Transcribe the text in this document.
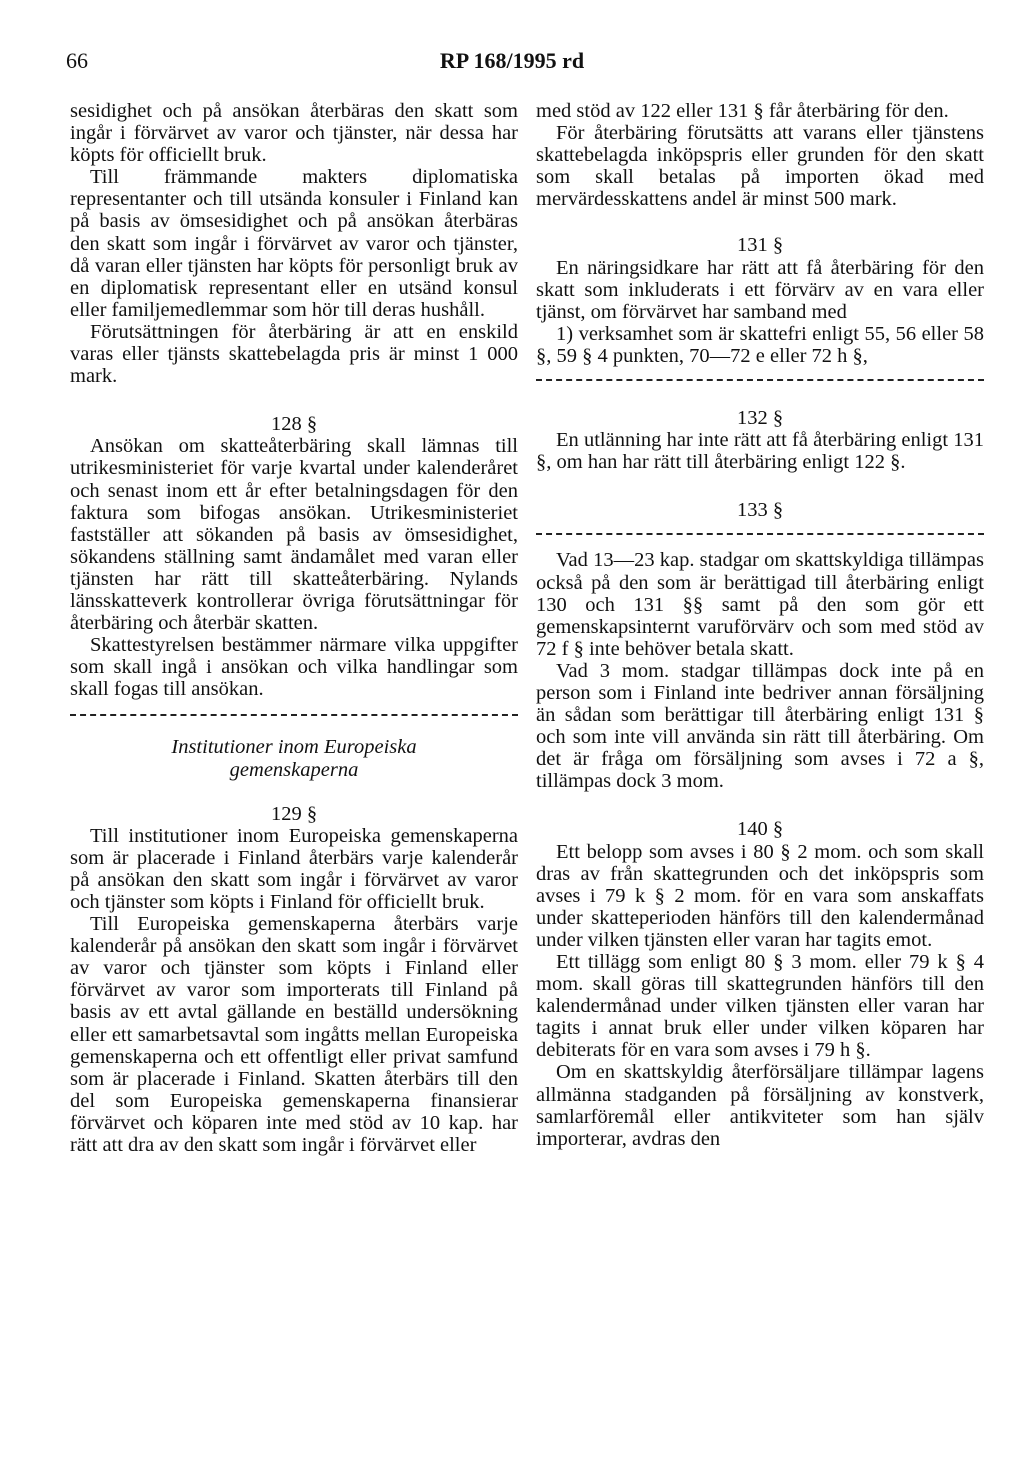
66	RP 168/1995 rd

sesidighet och på ansökan återbäras den skatt som ingår i förvärvet av varor och tjänster, när dessa har köpts för officiellt bruk.

Till främmande makters diplomatiska representanter och till utsända konsuler i Finland kan på basis av ömsesidighet och på ansökan återbäras den skatt som ingår i förvärvet av varor och tjänster, då varan eller tjänsten har köpts för personligt bruk av en diplomatisk representant eller en utsänd konsul eller familjemedlemmar som hör till deras hushåll.

Förutsättningen för återbäring är att en enskild varas eller tjänsts skattebelagda pris är minst 1 000 mark.

128 §

Ansökan om skatteåterbäring skall lämnas till utrikesministeriet för varje kvartal under kalenderåret och senast inom ett år efter betalningsdagen för den faktura som bifogas ansökan. Utrikesministeriet fastställer att sökanden på basis av ömsesidighet, sökandens ställning samt ändamålet med varan eller tjänsten har rätt till skatteåterbäring. Nylands länsskatteverk kontrollerar övriga förutsättningar för återbäring och återbär skatten.

Skattestyrelsen bestämmer närmare vilka uppgifter som skall ingå i ansökan och vilka handlingar som skall fogas till ansökan.

Institutioner inom Europeiska
gemenskaperna
129 §

Till institutioner inom Europeiska gemenskaperna som är placerade i Finland återbärs varje kalenderår på ansökan den skatt som ingår i förvärvet av varor och tjänster som köpts i Finland för officiellt bruk.

Till Europeiska gemenskaperna återbärs varje kalenderår på ansökan den skatt som ingår i förvärvet av varor och tjänster som köpts i Finland eller förvärvet av varor som importerats till Finland på basis av ett avtal gällande en beställd undersökning eller ett samarbetsavtal som ingåtts mellan Europeiska gemenskaperna och ett offentligt eller privat samfund som är placerade i Finland. Skatten återbärs till den del som Europeiska gemenskaperna finansierar förvärvet och köparen inte med stöd av 10 kap. har rätt att dra av den skatt som ingår i förvärvet eller

med stöd av 122 eller 131 § får återbäring för den.

För återbäring förutsätts att varans eller tjänstens skattebelagda inköpspris eller grunden för den skatt som skall betalas på importen ökad med mervärdesskattens andel är minst 500 mark.

131 §

En näringsidkare har rätt att få återbäring för den skatt som inkluderats i ett förvärv av en vara eller tjänst, om förvärvet har samband med

1) verksamhet som är skattefri enligt 55, 56 eller 58 §, 59 § 4 punkten, 70—72 e eller 72 h §,

132 §

En utlänning har inte rätt att få återbäring enligt 131 §, om han har rätt till återbäring enligt 122 §.

133 §

Vad 13—23 kap. stadgar om skattskyldiga tillämpas också på den som är berättigad till återbäring enligt 130 och 131 §§ samt på den som gör ett gemenskapsinternt varuförvärv och som med stöd av 72 f § inte behöver betala skatt.

Vad 3 mom. stadgar tillämpas dock inte på en person som i Finland inte bedriver annan försäljning än sådan som berättigar till återbäring enligt 131 § och som inte vill använda sin rätt till återbäring. Om det är fråga om försäljning som avses i 72 a §, tillämpas dock 3 mom.

140 §

Ett belopp som avses i 80 § 2 mom. och som skall dras av från skattegrunden och det inköpspris som avses i 79 k § 2 mom. för en vara som anskaffats under skatteperioden hänförs till den kalendermånad under vilken tjänsten eller varan har tagits emot.

Ett tillägg som enligt 80 § 3 mom. eller 79 k § 4 mom. skall göras till skattegrunden hänförs till den kalendermånad under vilken tjänsten eller varan har tagits i annat bruk eller under vilken köparen har debiterats för en vara som avses i 79 h §.

Om en skattskyldig återförsäljare tillämpar lagens allmänna stadganden på försäljning av konstverk, samlarföremål eller antikviteter som han själv importerar, avdras den
